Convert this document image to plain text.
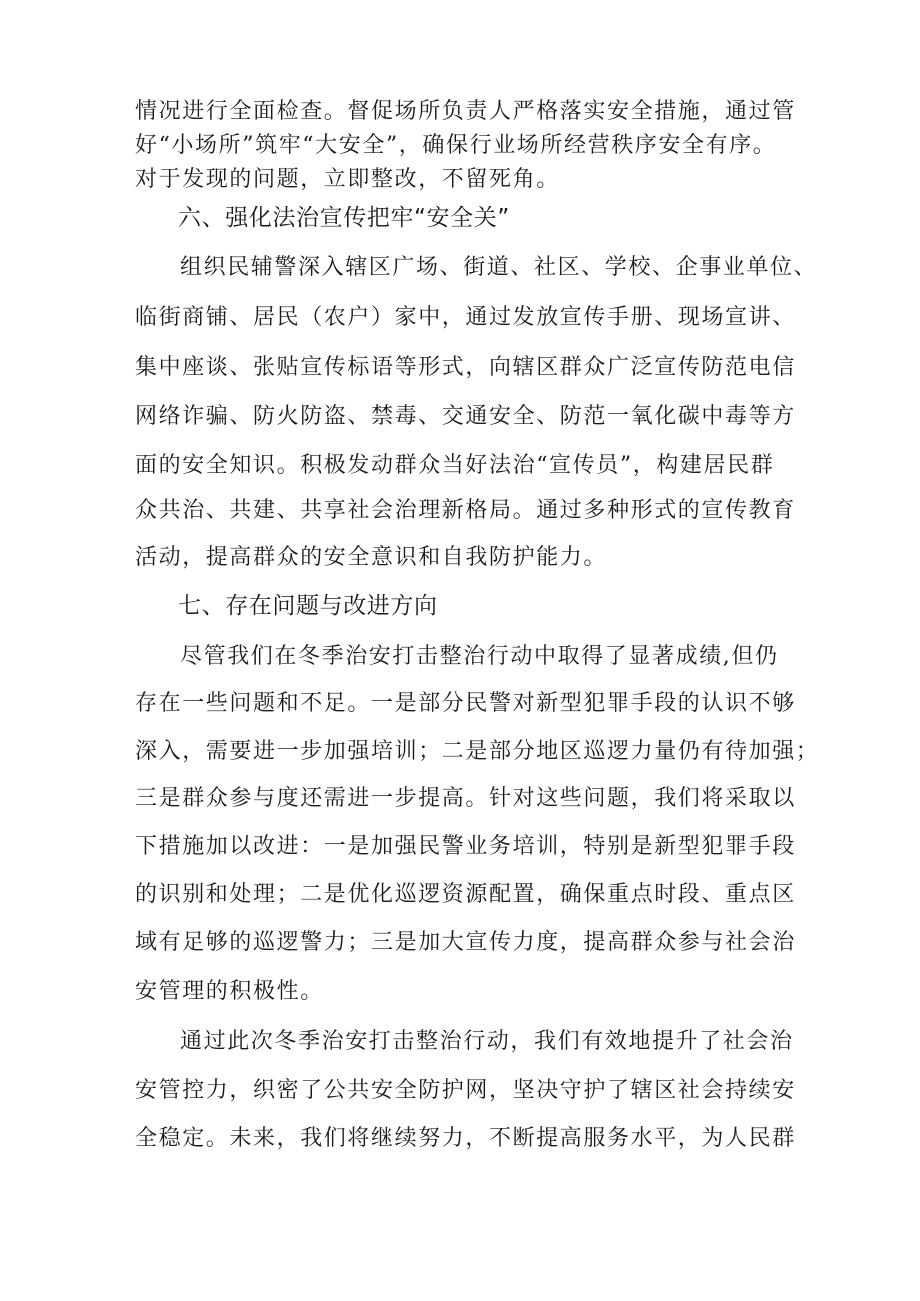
情况进行全面检查。督促场所负责人严格落实安全措施，通过管
好“小场所”筑牢“大安全”，确保行业场所经营秩序安全有序。
对于发现的问题，立即整改，不留死角。
六、强化法治宣传把牢“安全关”
组织民辅警深入辖区广场、街道、社区、学校、企事业单位、
临街商铺、居民（农户）家中，通过发放宣传手册、现场宣讲、
集中座谈、张贴宣传标语等形式，向辖区群众广泛宣传防范电信
网络诈骗、防火防盗、禁毒、交通安全、防范一氧化碳中毒等方
面的安全知识。积极发动群众当好法治“宣传员”，构建居民群
众共治、共建、共享社会治理新格局。通过多种形式的宣传教育
活动，提高群众的安全意识和自我防护能力。
七、存在问题与改进方向
尽管我们在冬季治安打击整治行动中取得了显著成绩,但仍
存在一些问题和不足。一是部分民警对新型犯罪手段的认识不够
深入，需要进一步加强培训；二是部分地区巡逻力量仍有待加强；
三是群众参与度还需进一步提高。针对这些问题，我们将采取以
下措施加以改进：一是加强民警业务培训，特别是新型犯罪手段
的识别和处理；二是优化巡逻资源配置，确保重点时段、重点区
域有足够的巡逻警力；三是加大宣传力度，提高群众参与社会治
安管理的积极性。
通过此次冬季治安打击整治行动，我们有效地提升了社会治
安管控力，织密了公共安全防护网，坚决守护了辖区社会持续安
全稳定。未来，我们将继续努力，不断提高服务水平，为人民群
